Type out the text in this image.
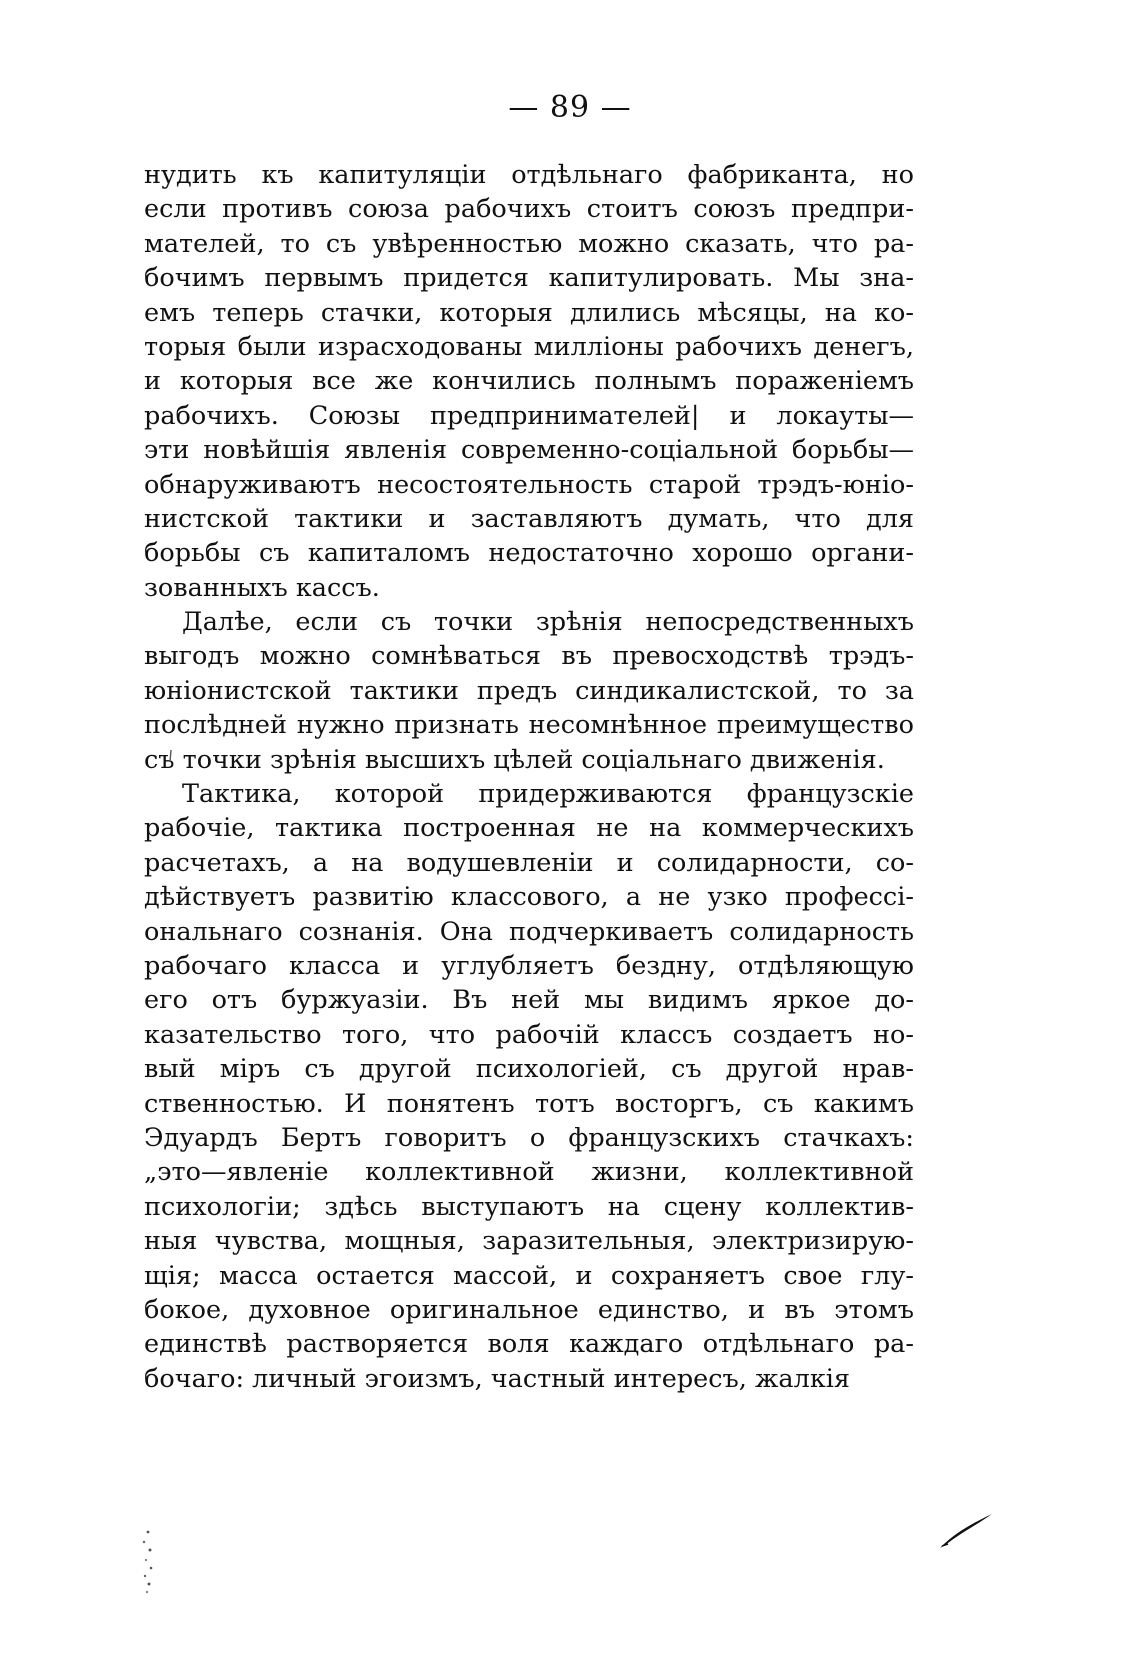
— 89 —
нудить къ капитуляціи отдѣльнаго фабриканта, но
если противъ союза рабочихъ стоитъ союзъ предпри-
мателей, то съ увѣренностью можно сказать, что ра-
бочимъ первымъ придется капитулировать. Мы зна-
емъ теперь стачки, которыя длились мѣсяцы, на ко-
торыя были израсходованы милліоны рабочихъ денегъ,
и которыя все же кончились полнымъ пораженіемъ
рабочихъ. Союзы предпринимателей| и локауты—
эти новѣйшія явленія современно-соціальной борьбы—
обнаруживаютъ несостоятельность старой трэдъ-юніо-
нистской тактики и заставляютъ думать, что для
борьбы съ капиталомъ недостаточно хорошо органи-
зованныхъ кассъ.
Далѣе, если съ точки зрѣнія непосредственныхъ
выгодъ можно сомнѣваться въ превосходствѣ трэдъ-
юніонистской тактики предъ синдикалистской, то за
послѣдней нужно признать несомнѣнное преимущество
съ точки зрѣнія высшихъ цѣлей соціальнаго движенія.
Тактика, которой придерживаются французскіе
рабочіе, тактика построенная не на коммерческихъ
расчетахъ, а на водушевленіи и солидарности, со-
дѣйствуетъ развитію классового, а не узко профессі-
ональнаго сознанія. Она подчеркиваетъ солидарность
рабочаго класса и углубляетъ бездну, отдѣляющую
его отъ буржуазіи. Въ ней мы видимъ яркое до-
казательство того, что рабочій классъ создаетъ но-
вый міръ съ другой психологіей, съ другой нрав-
ственностью. И понятенъ тотъ восторгъ, съ какимъ
Эдуардъ Бертъ говоритъ о французскихъ стачкахъ:
„это—явленіе коллективной жизни, коллективной
психологіи; здѣсь выступаютъ на сцену коллектив-
ныя чувства, мощныя, заразительныя, электризирую-
щія; масса остается массой, и сохраняетъ свое глу-
бокое, духовное оригинальное единство, и въ этомъ
единствѣ растворяется воля каждаго отдѣльнаго ра-
бочаго: личный эгоизмъ, частный интересъ, жалкія
